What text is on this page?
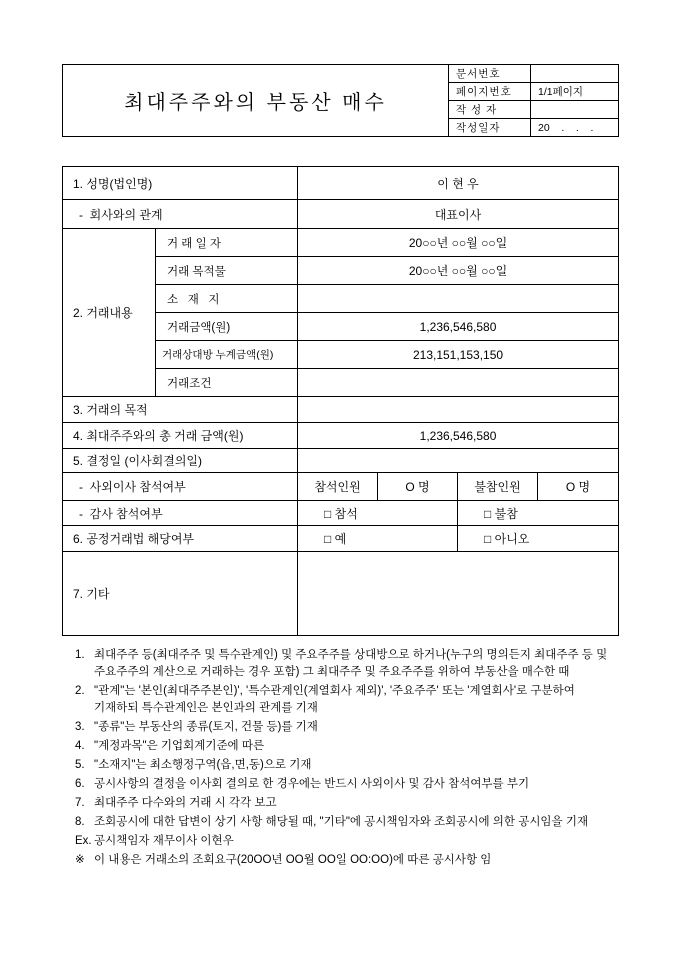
최대주주와의 부동산 매수	문서번호	
	페이지번호	1/1페이지
	작 성 자	
	작성일자	20    .    .    .
1. 성명(법인명)		이 현 우			
-  회사와의 관계		대표이사			
2. 거래내용	거 래 일 자	20○○년 ○○월 ○○일			
	거래 목적물	20○○년 ○○월 ○○일			
	소   재   지				
	거래금액(원)	1,236,546,580			
	거래상대방 누계금액(원)	213,151,153,150			
	거래조건				
3. 거래의 목적					
4. 최대주주와의 총 거래 금액(원)		1,236,546,580			
5. 결정일 (이사회결의일)					
-  사외이사 참석여부		참석인원	O 명	불참인원	O 명
-  감사 참석여부		□ 참석		□ 불참	
6. 공정거래법 해당여부		□ 예		□ 아니오	
7. 기타					
1. 최대주주 등(최대주주 및 특수관계인) 및 주요주주를 상대방으로 하거나(누구의 명의든지 최대주주 등 및 주요주주의 계산으로 거래하는 경우 포함) 그 최대주주 및 주요주주를 위하여 부동산을 매수한 때
2. "관계"는 '본인(최대주주본인)', '특수관계인(계열회사 제외)', '주요주주' 또는 '계열회사'로 구분하여 기재하되 특수관계인은 본인과의 관계를 기재
3. "종류"는 부동산의 종류(토지, 건물 등)를 기재
4. "계정과목"은 기업회계기준에 따른
5. "소재지"는 최소행정구역(읍,면,동)으로 기재
6. 공시사항의 결정을 이사회 결의로 한 경우에는 반드시 사외이사 및 감사 참석여부를 부기
7. 최대주주 다수와의 거래 시 각각 보고
8. 조회공시에 대한 답변이 상기 사항 해당될 때, "기타"에 공시책임자와 조회공시에 의한 공시임을 기재
Ex. 공시책임자 재무이사 이현우
※ 이 내용은 거래소의 조회요구(20OO년 OO월 OO일 OO:OO)에 따른 공시사항 임
